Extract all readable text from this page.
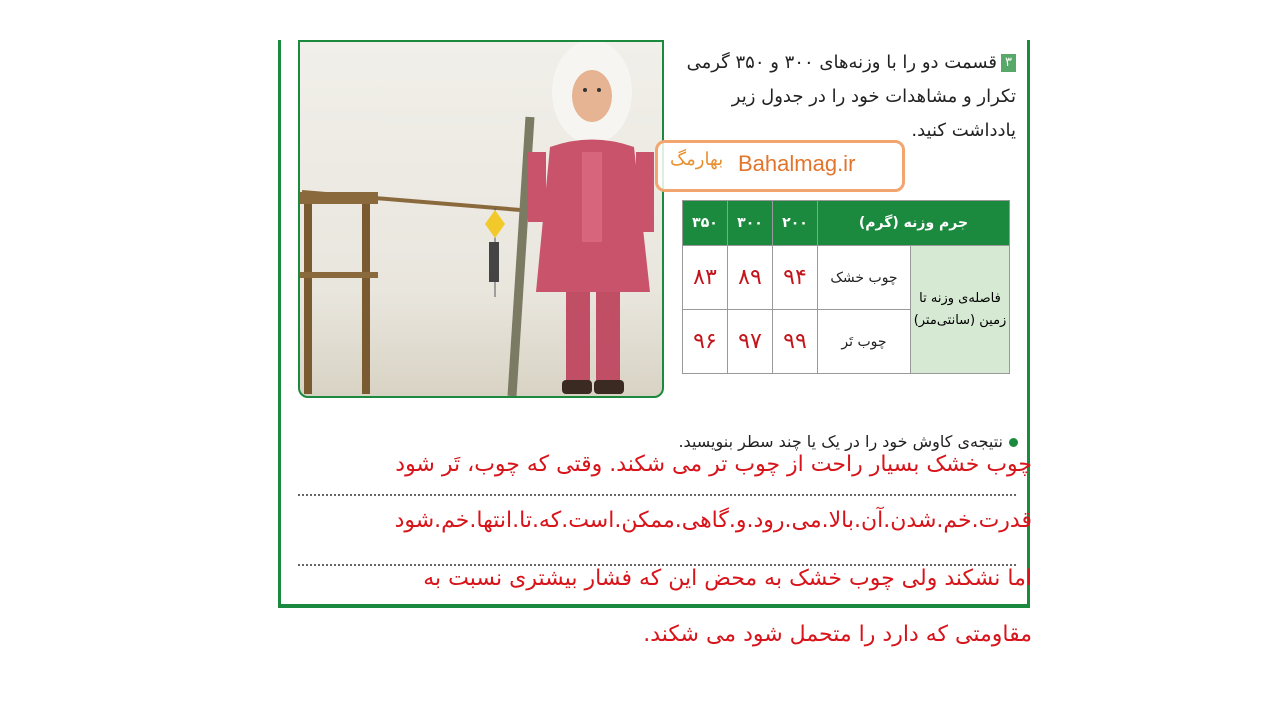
۳قسمت دو را با وزنه‌های ۳۰۰ و ۳۵۰ گرمی
تکرار و مشاهدات خود را در جدول زیر
یادداشت کنید.
بهارمگ Bahalmag.ir
جرم وزنه (گرم)		۲۰۰	۳۰۰	۳۵۰
فاصله‌ی وزنه تا زمین (سانتی‌متر)	چوب خشک	۹۴	۸۹	۸۳
	چوب تَر	۹۹	۹۷	۹۶
نتیجه‌ی کاوش خود را در یک یا چند سطر بنویسید.
چوب خشک بسیار راحت از چوب تر می شکند. وقتی که چوب، تَر شود
قدرت.خم.شدن.آن.بالا.می.رود.و.گاهی.ممکن.است.که.تا.انتها.خم.شود
اما نشکند ولی چوب خشک به محض این که فشار بیشتری نسبت به
مقاومتی که دارد را متحمل شود می شکند.
